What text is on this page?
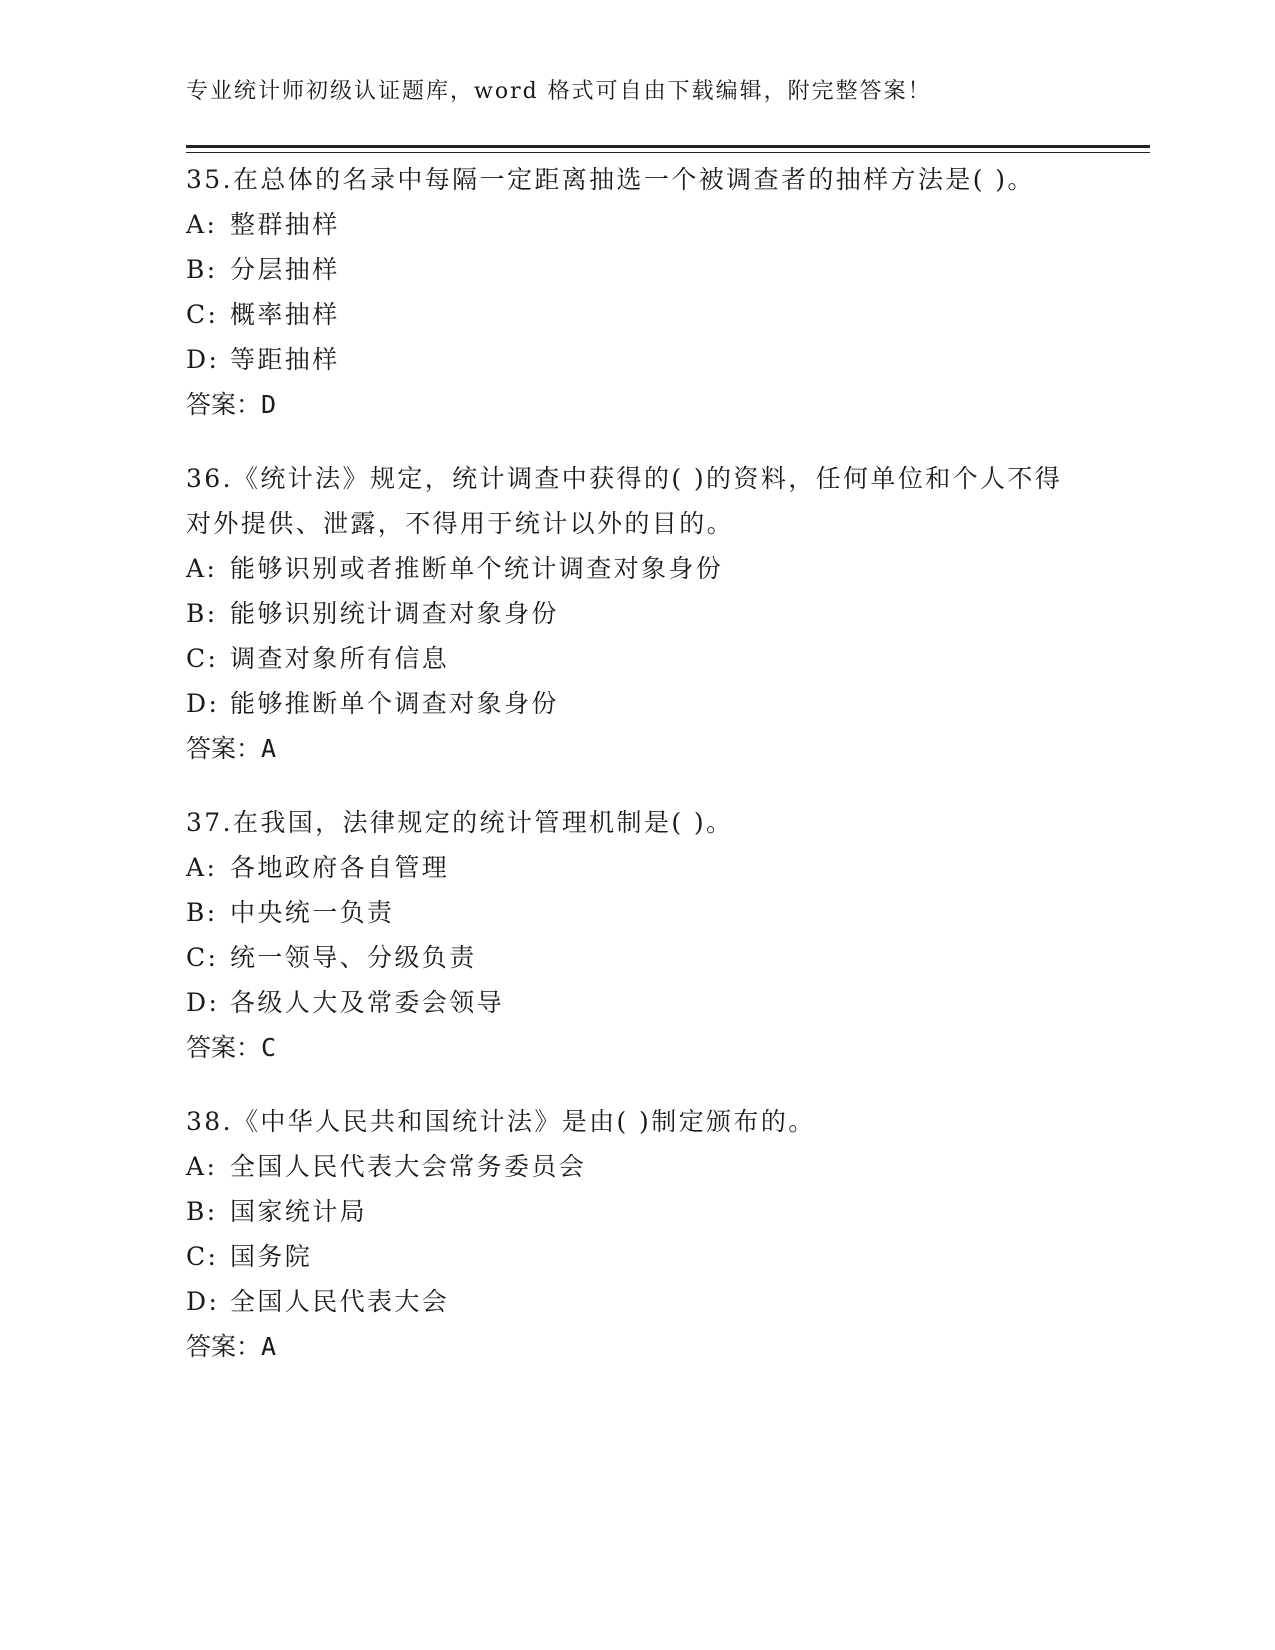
专业统计师初级认证题库，word 格式可自由下载编辑，附完整答案！

35.在总体的名录中每隔一定距离抽选一个被调查者的抽样方法是( )。

A: 整群抽样

B: 分层抽样

C: 概率抽样

D: 等距抽样

答案：D

36.《统计法》规定，统计调查中获得的( )的资料，任何单位和个人不得对外提供、泄露，不得用于统计以外的目的。

A: 能够识别或者推断单个统计调查对象身份

B: 能够识别统计调查对象身份

C: 调查对象所有信息

D: 能够推断单个调查对象身份

答案：A

37.在我国，法律规定的统计管理机制是( )。

A: 各地政府各自管理

B: 中央统一负责

C: 统一领导、分级负责

D: 各级人大及常委会领导

答案：C

38.《中华人民共和国统计法》是由( )制定颁布的。

A: 全国人民代表大会常务委员会

B: 国家统计局

C: 国务院

D: 全国人民代表大会

答案：A
